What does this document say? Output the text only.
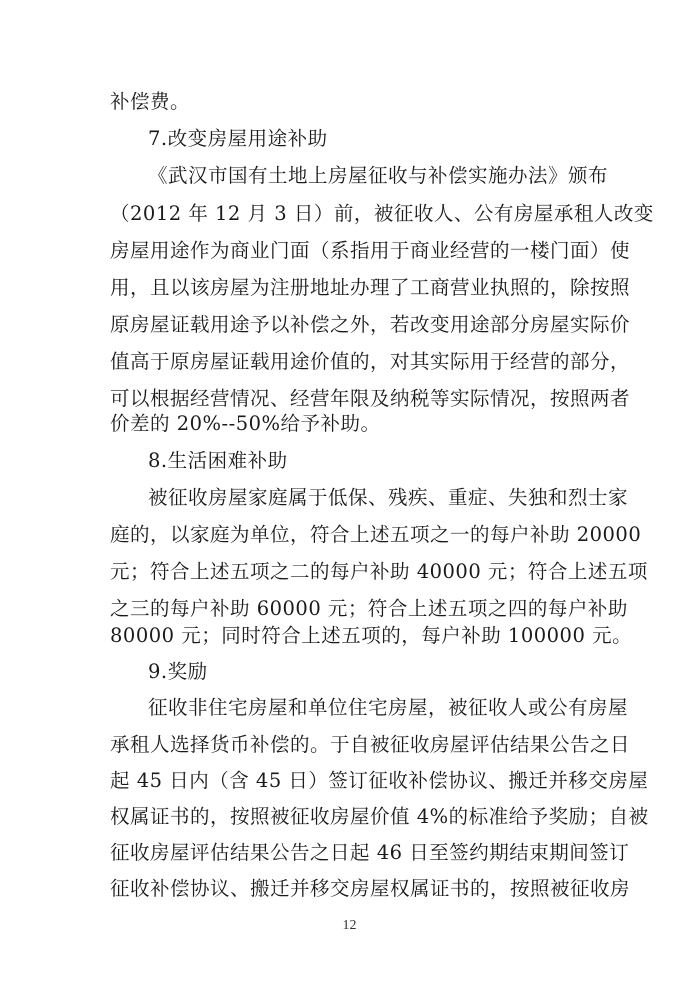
补偿费。
7.改变房屋用途补助
《武汉市国有土地上房屋征收与补偿实施办法》颁布
（2012 年 12 月 3 日）前，被征收人、公有房屋承租人改变
房屋用途作为商业门面（系指用于商业经营的一楼门面）使
用，且以该房屋为注册地址办理了工商营业执照的，除按照
原房屋证载用途予以补偿之外，若改变用途部分房屋实际价
值高于原房屋证载用途价值的，对其实际用于经营的部分，
可以根据经营情况、经营年限及纳税等实际情况，按照两者
价差的 20%--50%给予补助。
8.生活困难补助
被征收房屋家庭属于低保、残疾、重症、失独和烈士家
庭的，以家庭为单位，符合上述五项之一的每户补助 20000
元；符合上述五项之二的每户补助 40000 元；符合上述五项
之三的每户补助 60000 元；符合上述五项之四的每户补助
80000 元；同时符合上述五项的，每户补助 100000 元。
9.奖励
征收非住宅房屋和单位住宅房屋，被征收人或公有房屋
承租人选择货币补偿的。于自被征收房屋评估结果公告之日
起 45 日内（含 45 日）签订征收补偿协议、搬迁并移交房屋
权属证书的，按照被征收房屋价值 4%的标准给予奖励；自被
征收房屋评估结果公告之日起 46 日至签约期结束期间签订
征收补偿协议、搬迁并移交房屋权属证书的，按照被征收房
12
